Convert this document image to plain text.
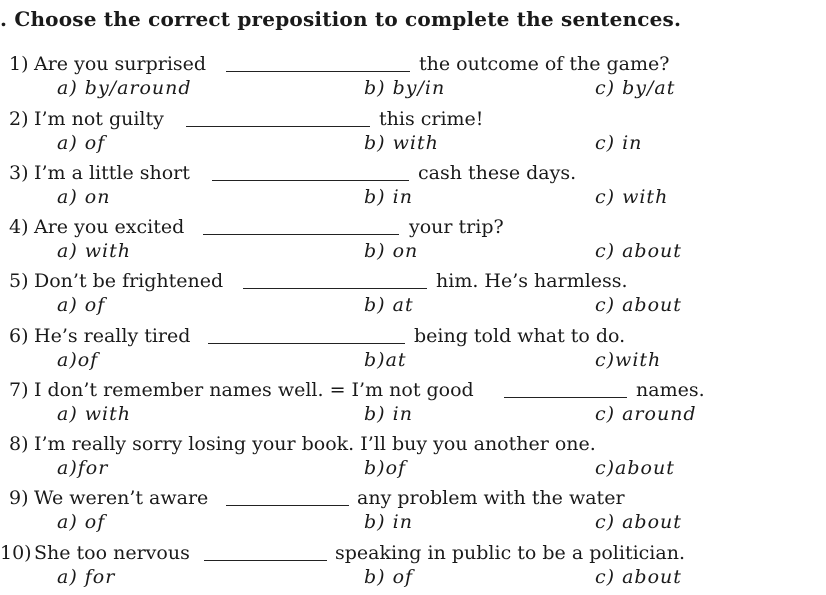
. Choose the correct preposition to complete the sentences.
1) Are you surprised	the outcome of the game?
a) by/around	b) by/in	c) by/at
2) I’m not guilty	this crime!
a) of	b) with	c) in
3) I’m a little short	cash these days.
a) on	b) in	c) with
4) Are you excited	your trip?
a) with	b) on	c) about
5) Don’t be frightened	him. He’s harmless.
a) of	b) at	c) about
6) He’s really tired	being told what to do.
a)of	b)at	c)with
7) I don’t remember names well. = I’m not good	names.
a) with	b) in	c) around
8) I’m really sorry losing your book. I’ll buy you another one.
a)for	b)of	c)about
9) We weren’t aware	any problem with the water
a) of	b) in	c) about
10) She too nervous	speaking in public to be a politician.
a) for	b) of	c) about
